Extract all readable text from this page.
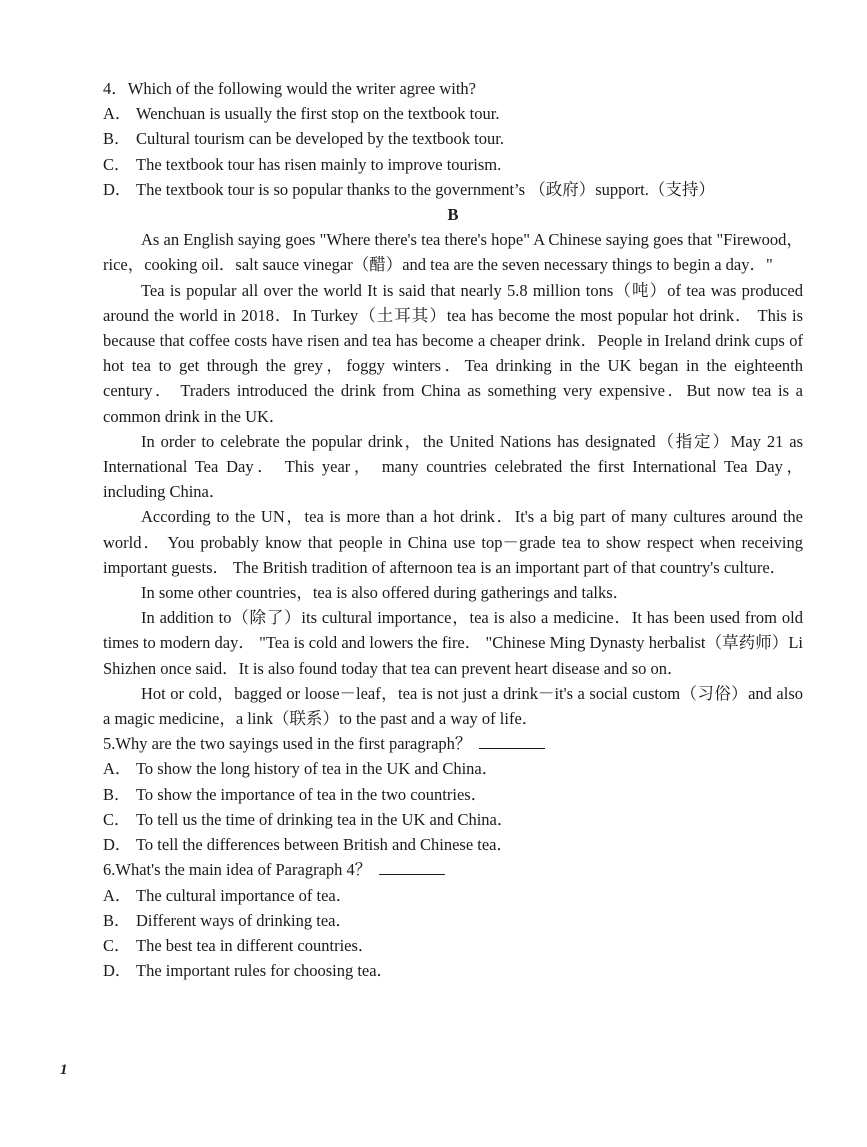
4．Which of the following would the writer agree with?
A． Wenchuan is usually the first stop on the textbook tour.
B． Cultural tourism can be developed by the textbook tour.
C． The textbook tour has risen mainly to improve tourism.
D． The textbook tour is so popular thanks to the government’s （政府）support.（支持）
B
As an English saying goes "Where there's tea there's hope" A Chinese saying goes that "Firewood，rice，cooking oil．salt sauce vinegar（醋）and tea are the seven necessary things to begin a day．"
Tea is popular all over the world It is said that nearly 5.8 million tons（吨）of tea was produced around the world in 2018．In Turkey（土耳其）tea has become the most popular hot drink． This is because that coffee costs have risen and tea has become a cheaper drink．People in Ireland drink cups of hot tea to get through the grey，foggy winters．Tea drinking in the UK began in the eighteenth century． Traders introduced the drink from China as something very expensive．But now tea is a common drink in the UK．
In order to celebrate the popular drink，the United Nations has designated（指定）May 21 as International Tea Day． This year， many countries celebrated the first International Tea Day，including China．
According to the UN，tea is more than a hot drink．It's a big part of many cultures around the world． You probably know that people in China use top－grade tea to show respect when receiving important guests． The British tradition of afternoon tea is an important part of that country's culture．
In some other countries，tea is also offered during gatherings and talks．
In addition to（除了）its cultural importance，tea is also a medicine．It has been used from old times to modern day． "Tea is cold and lowers the fire． "Chinese Ming Dynasty herbalist（草药师）Li Shizhen once said．It is also found today that tea can prevent heart disease and so on．
Hot or cold，bagged or loose－leaf，tea is not just a drink－it's a social custom（习俗）and also a magic medicine，a link（联系）to the past and a way of life．
5.Why are the two sayings used in the first paragraph？
A． To show the long history of tea in the UK and China．
B． To show the importance of tea in the two countries．
C． To tell us the time of drinking tea in the UK and China．
D． To tell the differences between British and Chinese tea．
6.What's the main idea of Paragraph 4？
A． The cultural importance of tea．
B． Different ways of drinking tea．
C． The best tea in different countries．
D． The important rules for choosing tea．
1
